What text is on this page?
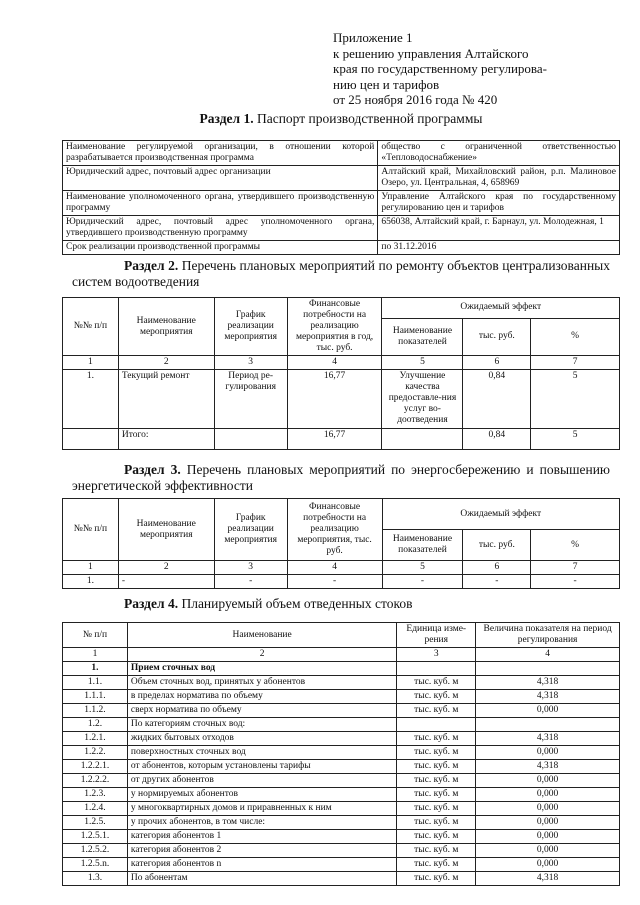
Приложение 1
к решению управления Алтайского
края по государственному регулирова-
нию цен и тарифов
от 25 ноября 2016 года № 420
Раздел 1. Паспорт производственной программы
Наименование регулируемой организации, в отношении которой разрабатывается производственная программа	общество с ограниченной ответственностью «Тепловодоснабжение»
Юридический адрес, почтовый адрес организации	Алтайский край, Михайловский район, р.п. Малиновое Озеро, ул. Центральная, 4, 658969
Наименование уполномоченного органа, утвердившего производственную программу	Управление Алтайского края по государственному регулированию цен и тарифов
Юридический адрес, почтовый адрес уполномоченного органа, утвердившего производственную программу	656038, Алтайский край, г. Барнаул, ул. Молодежная, 1
Срок реализации производственной программы	по 31.12.2016
Раздел 2. Перечень плановых мероприятий по ремонту объектов централизованных систем водоотведения
№№ п/п	Наименование мероприятия	График реализации мероприятия	Финансовые потребности на реализацию мероприятия в год, тыс. руб.	Ожидаемый эффект		
				Наименование показателей	тыс. руб.	%
1	2	3	4	5	6	7
1.	Текущий ремонт	Период ре-гулирования	16,77	Улучшение качества предоставле-ния услуг во-доотведения	0,84	5
	Итого:		16,77		0,84	5
Раздел 3. Перечень плановых мероприятий по энергосбережению и повышению энергетической эффективности
№№ п/п	Наименование мероприятия	График реализации мероприятия	Финансовые потребности на реализацию мероприятия, тыс. руб.	Ожидаемый эффект		
				Наименование показателей	тыс. руб.	%
1	2	3	4	5	6	7
1.	-	-	-	-	-	-
Раздел 4. Планируемый объем отведенных стоков
№ п/п	Наименование	Единица изме-рения	Величина показателя на период регулирования
1	2	3	4
1.	Прием сточных вод		
1.1.	Объем сточных вод, принятых у абонентов	тыс. куб. м	4,318
1.1.1.	в пределах норматива по объему	тыс. куб. м	4,318
1.1.2.	сверх норматива по объему	тыс. куб. м	0,000
1.2.	По категориям сточных вод:		
1.2.1.	жидких бытовых отходов	тыс. куб. м	4,318
1.2.2.	поверхностных сточных вод	тыс. куб. м	0,000
1.2.2.1.	от абонентов, которым установлены тарифы	тыс. куб. м	4,318
1.2.2.2.	от других абонентов	тыс. куб. м	0,000
1.2.3.	у нормируемых абонентов	тыс. куб. м	0,000
1.2.4.	у многоквартирных домов и приравненных к ним	тыс. куб. м	0,000
1.2.5.	у прочих абонентов, в том числе:	тыс. куб. м	0,000
1.2.5.1.	категория абонентов 1	тыс. куб. м	0,000
1.2.5.2.	категория абонентов 2	тыс. куб. м	0,000
1.2.5.n.	категория абонентов n	тыс. куб. м	0,000
1.3.	По абонентам	тыс. куб. м	4,318
